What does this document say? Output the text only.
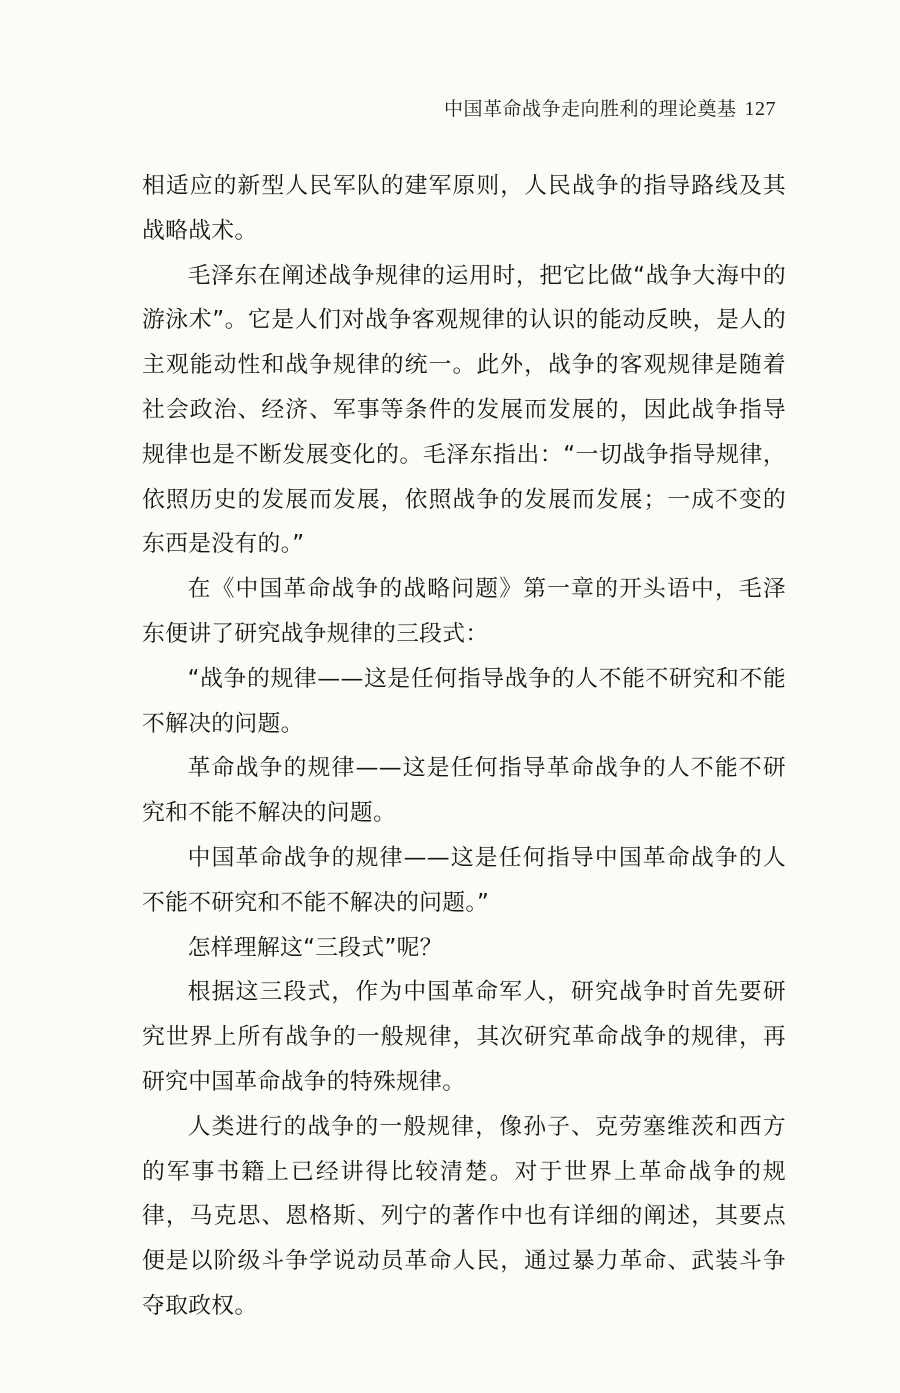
中国革命战争走向胜利的理论奠基 127

相适应的新型人民军队的建军原则，人民战争的指导路线及其战略战术。

毛泽东在阐述战争规律的运用时，把它比做“战争大海中的游泳术”。它是人们对战争客观规律的认识的能动反映，是人的主观能动性和战争规律的统一。此外，战争的客观规律是随着社会政治、经济、军事等条件的发展而发展的，因此战争指导规律也是不断发展变化的。毛泽东指出：“一切战争指导规律，依照历史的发展而发展，依照战争的发展而发展；一成不变的东西是没有的。”

在《中国革命战争的战略问题》第一章的开头语中，毛泽东便讲了研究战争规律的三段式：

“战争的规律——这是任何指导战争的人不能不研究和不能不解决的问题。

革命战争的规律——这是任何指导革命战争的人不能不研究和不能不解决的问题。

中国革命战争的规律——这是任何指导中国革命战争的人不能不研究和不能不解决的问题。”

怎样理解这“三段式”呢？

根据这三段式，作为中国革命军人，研究战争时首先要研究世界上所有战争的一般规律，其次研究革命战争的规律，再研究中国革命战争的特殊规律。

人类进行的战争的一般规律，像孙子、克劳塞维茨和西方的军事书籍上已经讲得比较清楚。对于世界上革命战争的规律，马克思、恩格斯、列宁的著作中也有详细的阐述，其要点便是以阶级斗争学说动员革命人民，通过暴力革命、武装斗争夺取政权。
